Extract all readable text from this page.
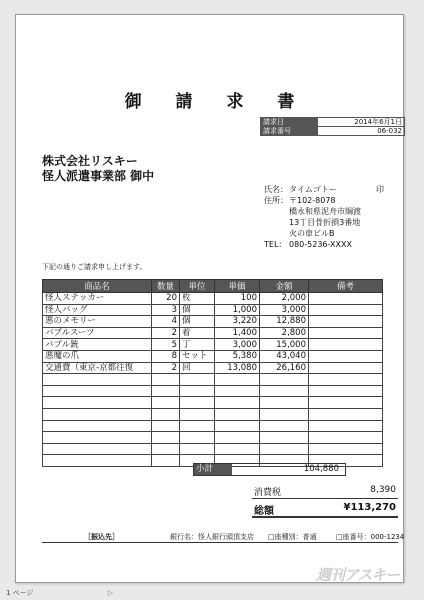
御 請 求 書
請求日	2014年6月1日
請求番号	06-032
株式会社リスキー
怪人派遣事業部 御中
氏名： タイムゴトー
住所： 〒102-8078
橋永和県泥舟市綱渡
13丁目骨折損3番地
火の車ビルB
TEL： 080-5236-XXXX
印
下記の通りご請求申し上げます。
商品名	数量	単位	単価	金額	備考
怪人ステッカー	20	枚	100	2,000	
怪人バッグ	3	個	1,000	3,000	
悪のメモリー	4	個	3,220	12,880	
バブルスーツ	2	着	1,400	2,800	
バブル銃	5	丁	3,000	15,000	
悪魔の爪	8	セット	5,380	43,040	
交通費（東京-京都往復	2	回	13,080	26,160	

小計	104,880
消費税	8,390
総額	¥113,270
［振込先］	銀行名：怪人銀行頭頂支店 □座種別：普通	□座番号：000-1234
1 ページ	▷
週刊アスキー
